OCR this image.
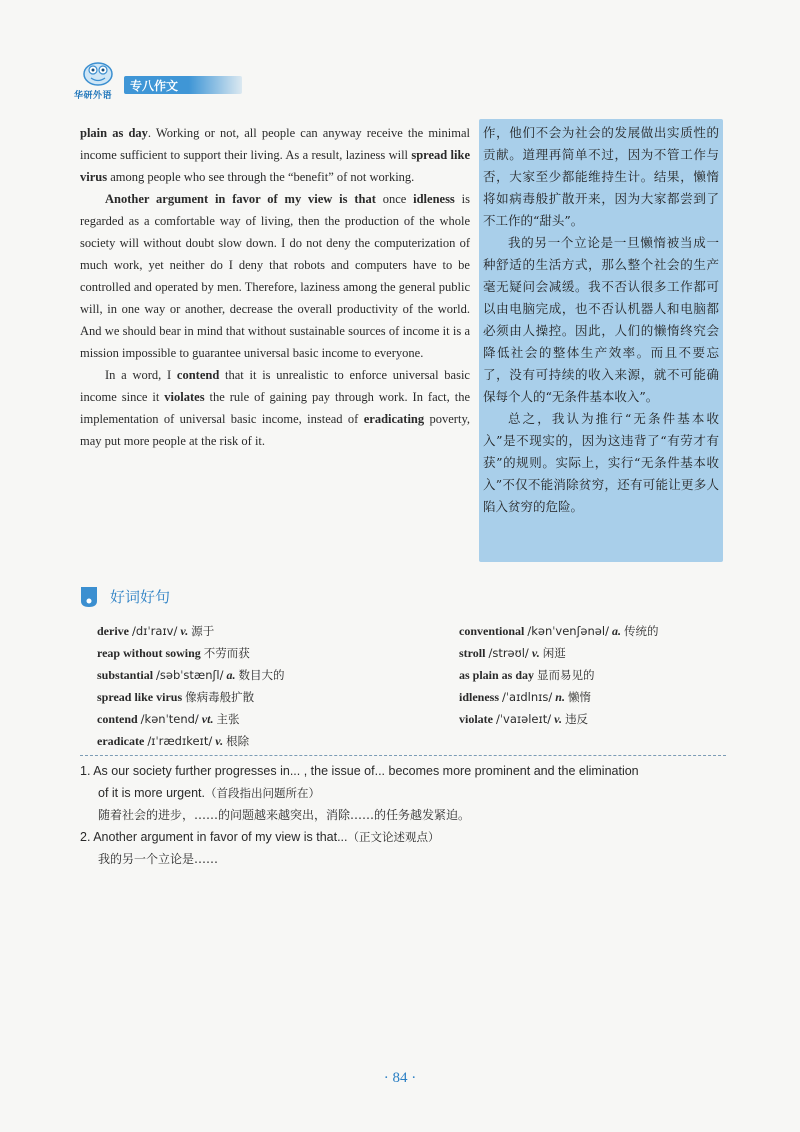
华研外语
专八作文

plain as day. Working or not, all people can anyway receive the minimal income sufficient to support their living. As a result, laziness will spread like virus among people who see through the “benefit” of not working.

Another argument in favor of my view is that once idleness is regarded as a comfortable way of living, then the production of the whole society will without doubt slow down. I do not deny the computerization of much work, yet neither do I deny that robots and computers have to be controlled and operated by men. Therefore, laziness among the general public will, in one way or another, decrease the overall productivity of the world. And we should bear in mind that without sustainable sources of income it is a mission impossible to guarantee universal basic income to everyone.

In a word, I contend that it is unrealistic to enforce universal basic income since it violates the rule of gaining pay through work. In fact, the implementation of universal basic income, instead of eradicating poverty, may put more people at the risk of it.

作，他们不会为社会的发展做出实质性的贡献。道理再简单不过，因为不管工作与否，大家至少都能维持生计。结果，懒惰将如病毒般扩散开来，因为大家都尝到了不工作的“甜头”。

我的另一个立论是一旦懒惰被当成一种舒适的生活方式，那么整个社会的生产毫无疑问会减缓。我不否认很多工作都可以由电脑完成，也不否认机器人和电脑都必须由人操控。因此，人们的懒惰终究会降低社会的整体生产效率。而且不要忘了，没有可持续的收入来源，就不可能确保每个人的“无条件基本收入”。

总之，我认为推行“无条件基本收入”是不现实的，因为这违背了“有劳才有获”的规则。实际上，实行“无条件基本收入”不仅不能消除贫穷，还有可能让更多人陷入贫穷的危险。

好词好句
derive /dɪˈraɪv/ v. 源于
reap without sowing 不劳而获
substantial /səbˈstænʃl/ a. 数目大的
spread like virus 像病毒般扩散
contend /kənˈtend/ vt. 主张
eradicate /ɪˈrædɪkeɪt/ v. 根除
conventional /kənˈvenʃənəl/ a. 传统的
stroll /strəʊl/ v. 闲逛
as plain as day 显而易见的
idleness /ˈaɪdlnɪs/ n. 懒惰
violate /ˈvaɪəleɪt/ v. 违反
1. As our society further progresses in... , the issue of... becomes more prominent and the elimination
of it is more urgent.（首段指出问题所在）
随着社会的进步，……的问题越来越突出，消除……的任务越发紧迫。
2. Another argument in favor of my view is that...（正文论述观点）
我的另一个立论是……
· 84 ·
